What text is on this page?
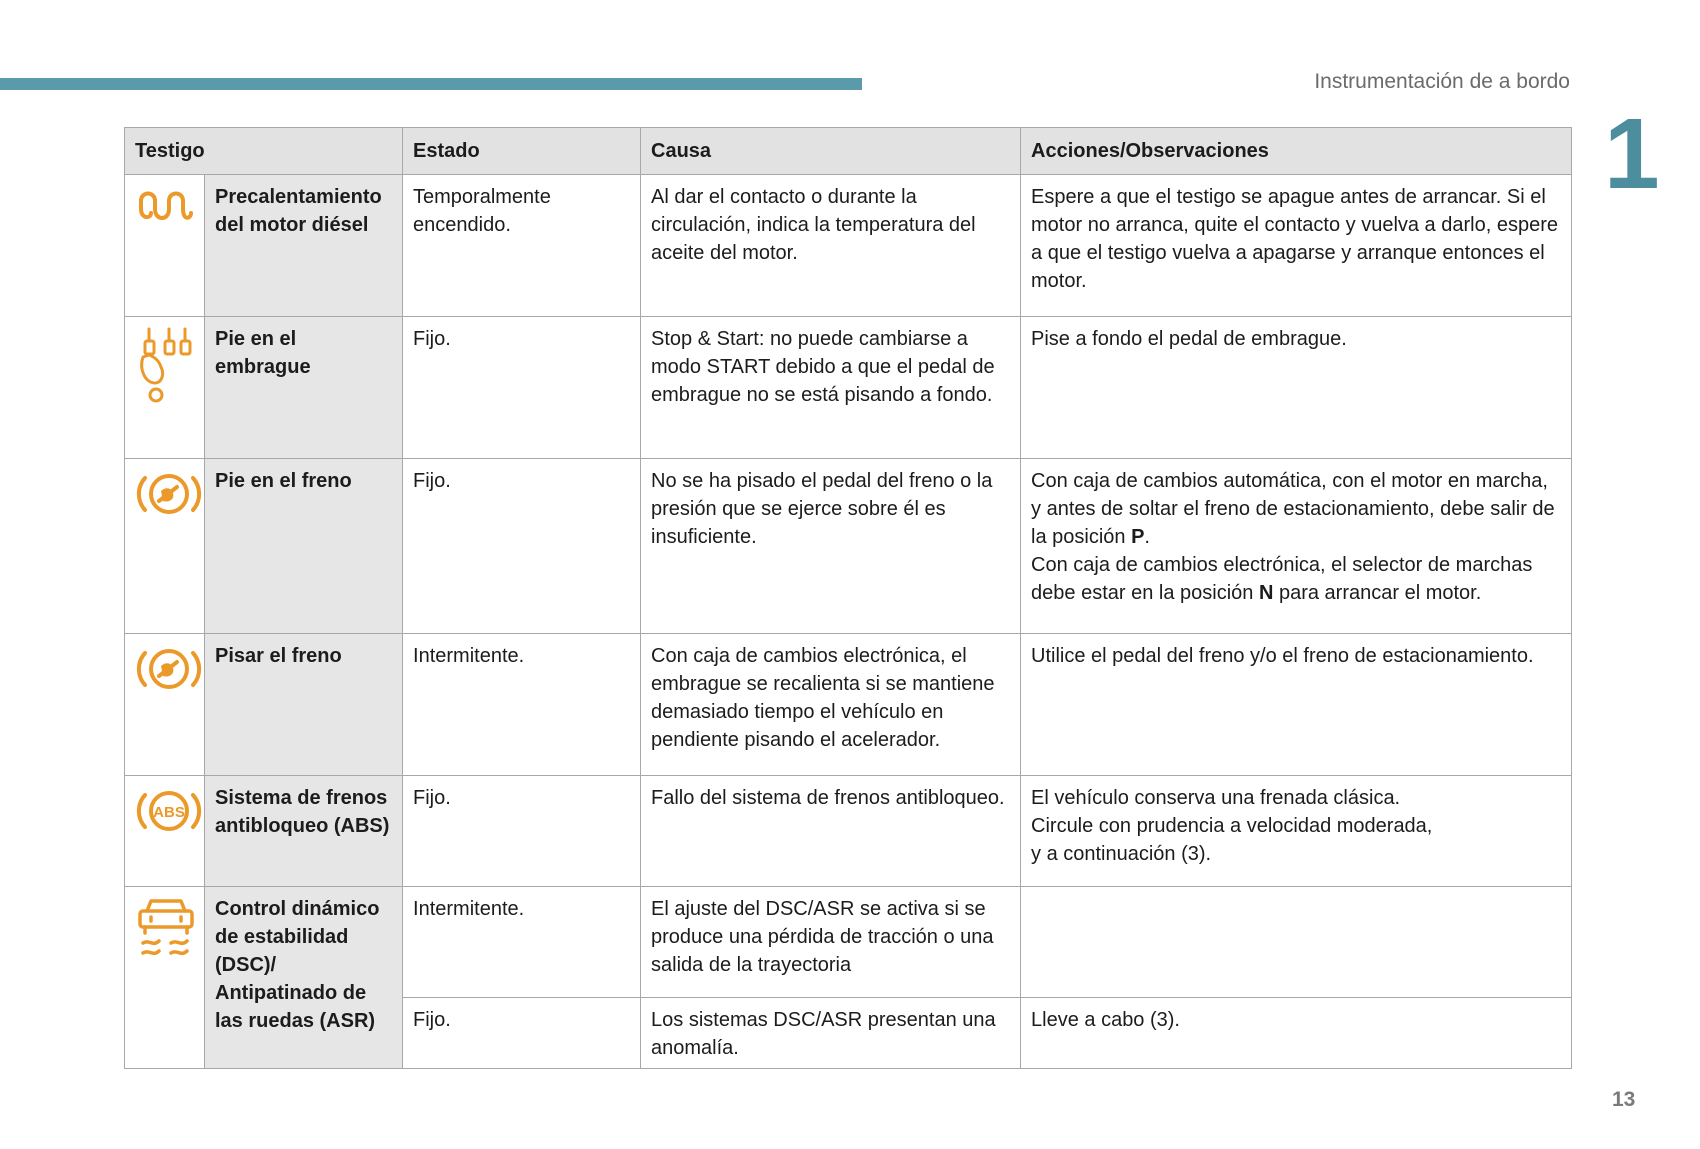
Instrumentación de a bordo
1
Testigo		Estado	Causa	Acciones/Observaciones

	Precalentamiento del motor diésel	Temporalmente encendido.	Al dar el contacto o durante la circulación, indica la temperatura del aceite del motor.	Espere a que el testigo se apague antes de arrancar. Si el motor no arranca, quite el contacto y vuelva a darlo, espere a que el testigo vuelva a apagarse y arranque entonces el motor.

	Pie en el embrague	Fijo.	Stop & Start: no puede cambiarse a modo START debido a que el pedal de embrague no se está pisando a fondo.	Pise a fondo el pedal de embrague.

	Pie en el freno	Fijo.	No se ha pisado el pedal del freno o la presión que se ejerce sobre él es insuficiente.	Con caja de cambios automática, con el motor en marcha, y antes de soltar el freno de estacionamiento, debe salir de la posición P.
Con caja de cambios electrónica, el selector de marchas debe estar en la posición N para arrancar el motor.

	Pisar el freno	Intermitente.	Con caja de cambios electrónica, el embrague se recalienta si se mantiene demasiado tiempo el vehículo en pendiente pisando el acelerador.	Utilice el pedal del freno y/o el freno de estacionamiento.

ABS	Sistema de frenos antibloqueo (ABS)	Fijo.	Fallo del sistema de frenos antibloqueo.	El vehículo conserva una frenada clásica.
Circule con prudencia a velocidad moderada,
y a continuación (3).

	Control dinámico de estabilidad (DSC)/ Antipatinado de las ruedas (ASR)	Intermitente.	El ajuste del DSC/ASR se activa si se produce una pérdida de tracción o una salida de la trayectoria	
		Fijo.	Los sistemas DSC/ASR presentan una anomalía.	Lleve a cabo (3).
13
